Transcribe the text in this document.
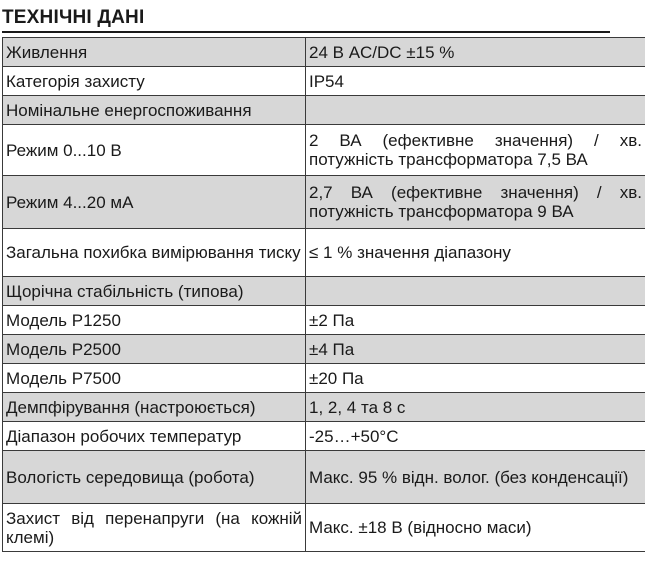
ТЕХНІЧНІ ДАНІ
Живлення	24 В AC/DC ±15 %
Категорія захисту	IP54
Номінальне енергоспоживання	
Режим 0...10 В	2 ВА (ефективне значення) / хв. потужність трансформатора 7,5 ВА
Режим 4...20 мА	2,7 ВА (ефективне значення) / хв. потужність трансформатора 9 ВА
Загальна похибка вимірювання тиску	≤ 1 % значення діапазону
Щорічна стабільність (типова)	
Модель P1250	±2 Па
Модель P2500	±4 Па
Модель P7500	±20 Па
Демпфірування (настроюється)	1, 2, 4 та 8 с
Діапазон робочих температур	-25…+50°C
Вологість середовища (робота)	Макс. 95 % відн. волог. (без конденсації)
Захист від перенапруги (на кожній клемі)	Макс. ±18 В (відносно маси)
